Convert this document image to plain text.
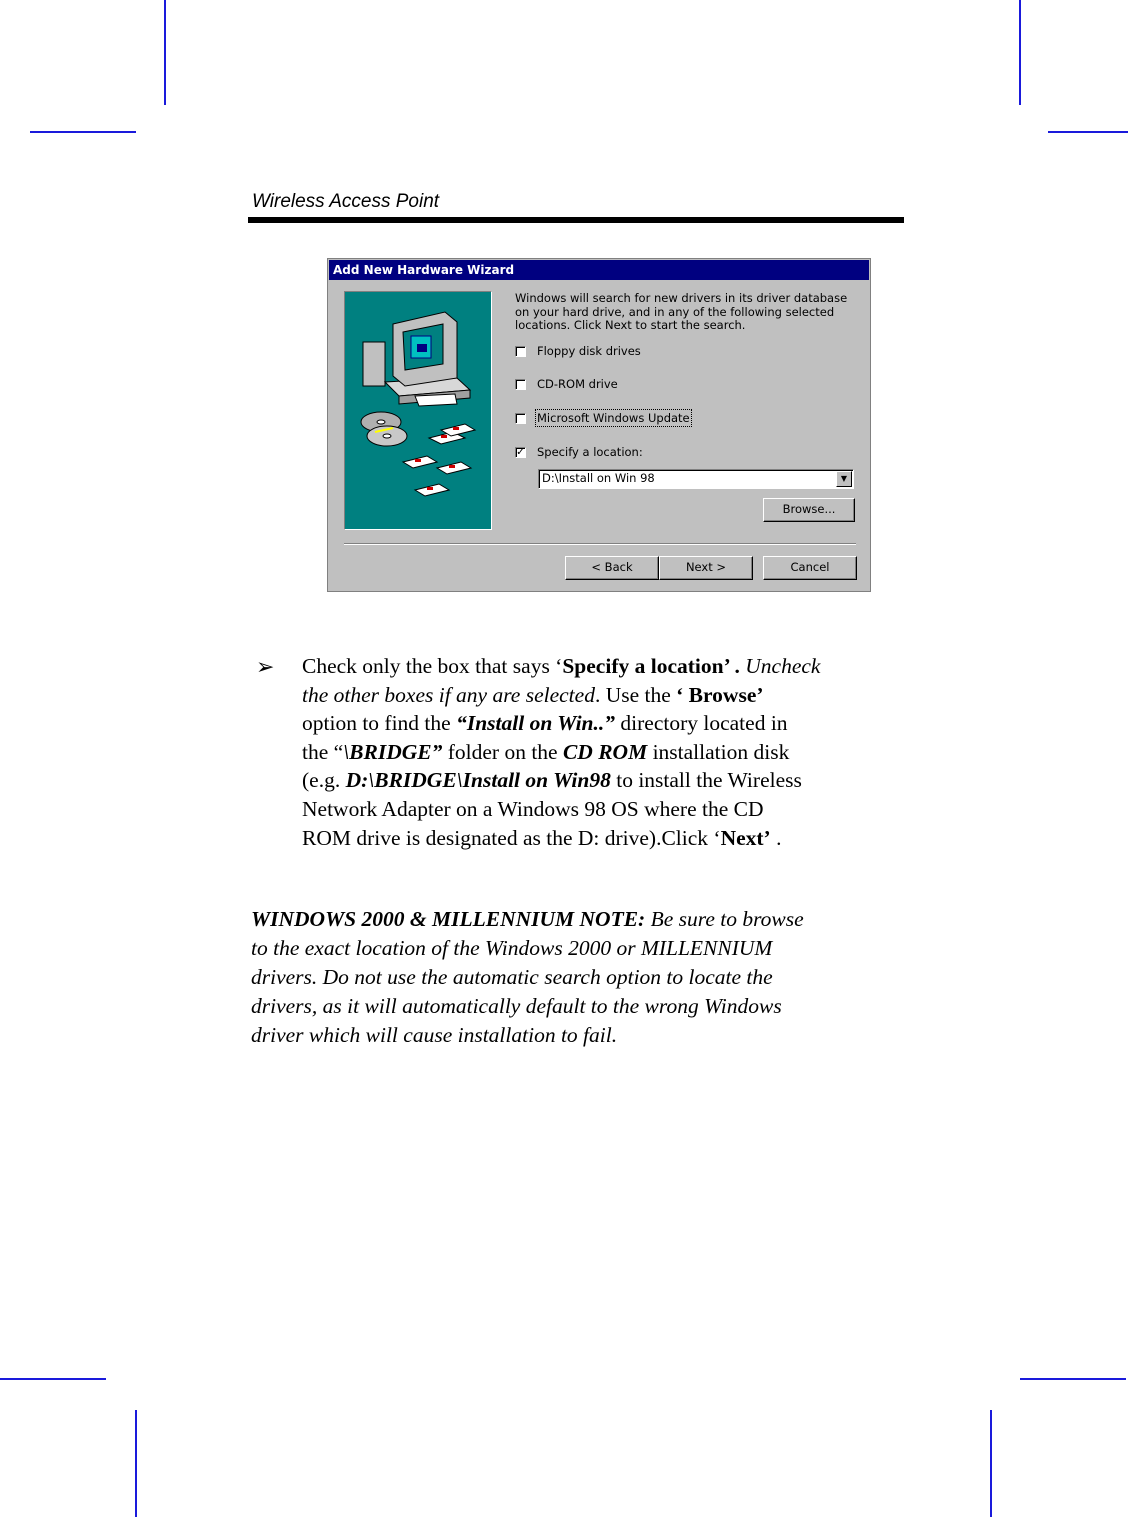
Wireless Access Point
Add New Hardware Wizard
Windows will search for new drivers in its driver database
on your hard drive, and in any of the following selected
locations. Click Next to start the search.
Floppy disk drives
CD-ROM drive
Microsoft Windows Update
✓ Specify a location:
D:\Install on Win 98	▼
Browse...
< Back	Next >	Cancel
➢ Check only the box that says ‘Specify a location’ . Uncheck
the other boxes if any are selected. Use the ‘ Browse’
option to find the “Install on Win..” directory located in
the “\BRIDGE” folder on the CD ROM installation disk
(e.g. D:\BRIDGE\Install on Win98 to install the Wireless
Network Adapter on a Windows 98 OS where the CD
ROM drive is designated as the D: drive).Click ‘Next’ .
WINDOWS 2000 & MILLENNIUM NOTE: Be sure to browse
to the exact location of the Windows 2000 or MILLENNIUM
drivers. Do not use the automatic search option to locate the
drivers, as it will automatically default to the wrong Windows
driver which will cause installation to fail.
